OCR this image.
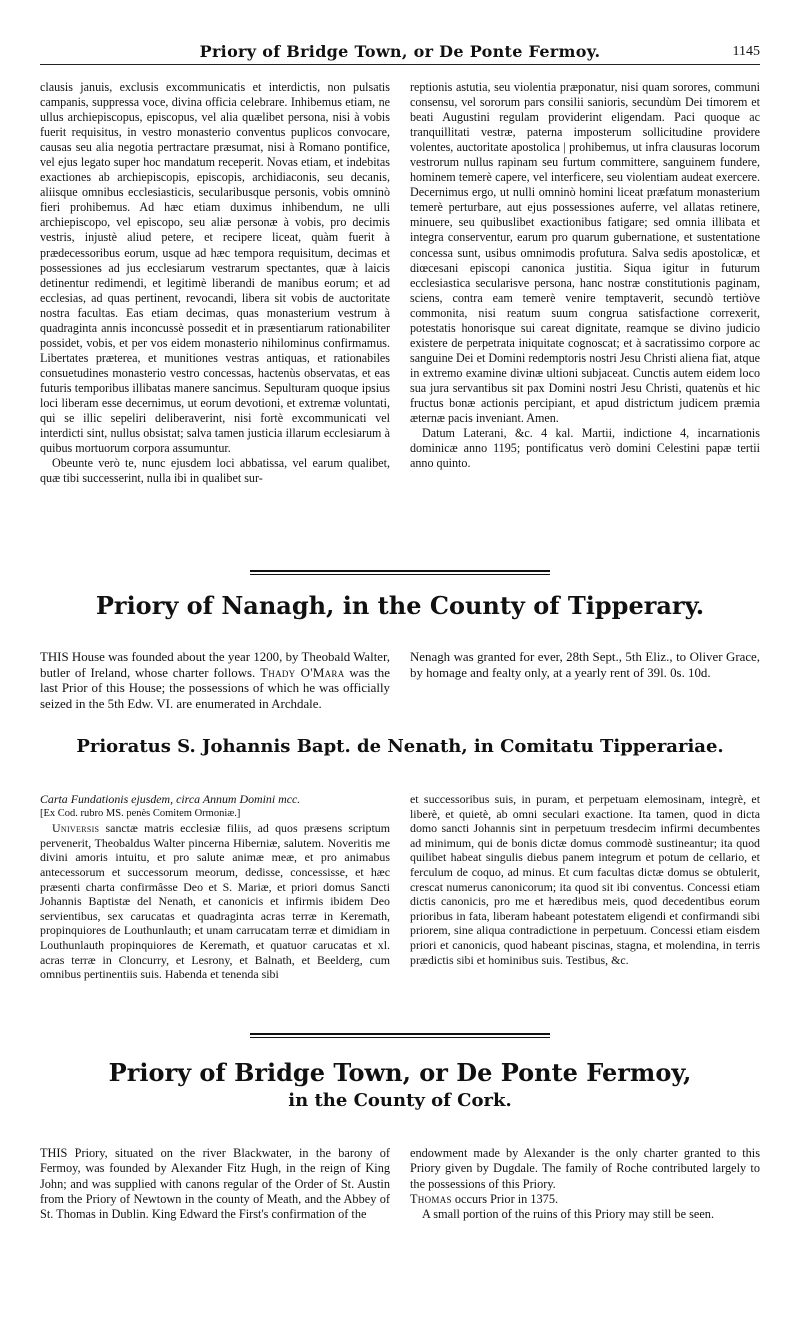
Priory of Bridge Town, or De Ponte Fermoy.	1145

clausis januis, exclusis excommunicatis et interdictis, non pulsatis campanis, suppressa voce, divina officia celebrare. Inhibemus etiam, ne ullus archiepiscopus, episcopus, vel alia quælibet persona, nisi à vobis fuerit requisitus, in vestro monasterio conventus puplicos convocare, causas seu alia negotia pertractare præsumat, nisi à Romano pontifice, vel ejus legato super hoc mandatum receperit. Novas etiam, et indebitas exactiones ab archiepiscopis, episcopis, archidiaconis, seu decanis, aliisque omnibus ecclesiasticis, secularibusque personis, vobis omninò fieri prohibemus. Ad hæc etiam duximus inhibendum, ne ulli archiepiscopo, vel episcopo, seu aliæ personæ à vobis, pro decimis vestris, injustè aliud petere, et recipere liceat, quàm fuerit à prædecessoribus eorum, usque ad hæc tempora requisitum, decimas et possessiones ad jus ecclesiarum vestrarum spectantes, quæ à laicis detinentur redimendi, et legitimè liberandi de manibus eorum; et ad ecclesias, ad quas pertinent, revocandi, libera sit vobis de auctoritate nostra facultas. Eas etiam decimas, quas monasterium vestrum à quadraginta annis inconcussè possedit et in præsentiarum rationabiliter possidet, vobis, et per vos eidem monasterio nihilominus confirmamus. Libertates præterea, et munitiones vestras antiquas, et rationabiles consuetudines monasterio vestro concessas, hactenùs observatas, et eas futuris temporibus illibatas manere sancimus. Sepulturam quoque ipsius loci liberam esse decernimus, ut eorum devotioni, et extremæ voluntati, qui se illic sepeliri deliberaverint, nisi fortè excommunicati vel interdicti sint, nullus obsistat; salva tamen justicia illarum ecclesiarum à quibus mortuorum corpora assumuntur.

Obeunte verò te, nunc ejusdem loci abbatissa, vel earum qualibet, quæ tibi successerint, nulla ibi in qualibet sur-

reptionis astutia, seu violentia præponatur, nisi quam sorores, communi consensu, vel sororum pars consilii sanioris, secundùm Dei timorem et beati Augustini regulam providerint eligendam. Paci quoque ac tranquillitati vestræ, paterna imposterum sollicitudine providere volentes, auctoritate apostolica | prohibemus, ut infra clausuras locorum vestrorum nullus rapinam seu furtum committere, sanguinem fundere, hominem temerè capere, vel interficere, seu violentiam audeat exercere. Decernimus ergo, ut nulli omninò homini liceat præfatum monasterium temerè perturbare, aut ejus possessiones auferre, vel allatas retinere, minuere, seu quibuslibet exactionibus fatigare; sed omnia illibata et integra conserventur, earum pro quarum gubernatione, et sustentatione concessa sunt, usibus omnimodis profutura. Salva sedis apostolicæ, et diœcesani episcopi canonica justitia. Siqua igitur in futurum ecclesiastica secularisve persona, hanc nostræ constitutionis paginam, sciens, contra eam temerè venire temptaverit, secundò tertiòve commonita, nisi reatum suum congrua satisfactione correxerit, potestatis honorisque sui careat dignitate, reamque se divino judicio existere de perpetrata iniquitate cognoscat; et à sacratissimo corpore ac sanguine Dei et Domini redemptoris nostri Jesu Christi aliena fiat, atque in extremo examine divinæ ultioni subjaceat. Cunctis autem eidem loco sua jura servantibus sit pax Domini nostri Jesu Christi, quatenùs et hic fructus bonæ actionis percipiant, et apud districtum judicem præmia æternæ pacis inveniant. Amen.

Datum Laterani, &c. 4 kal. Martii, indictione 4, incarnationis dominicæ anno 1195; pontificatus verò domini Celestini papæ tertii anno quinto.

Priory of Nanagh, in the County of Tipperary.

THIS House was founded about the year 1200, by Theobald Walter, butler of Ireland, whose charter follows. Thady O'Mara was the last Prior of this House; the possessions of which he was officially seized in the 5th Edw. VI. are enumerated in Archdale.

Nenagh was granted for ever, 28th Sept., 5th Eliz., to Oliver Grace, by homage and fealty only, at a yearly rent of 39l. 0s. 10d.

Prioratus S. Johannis Bapt. de Nenath, in Comitatu Tipperariae.

Carta Fundationis ejusdem, circa Annum Domini mcc.

[Ex Cod. rubro MS. penès Comitem Ormoniæ.]

Universis sanctæ matris ecclesiæ filiis, ad quos præsens scriptum pervenerit, Theobaldus Walter pincerna Hiberniæ, salutem. Noveritis me divini amoris intuitu, et pro salute animæ meæ, et pro animabus antecessorum et successorum meorum, dedisse, concessisse, et hæc præsenti charta confirmâsse Deo et S. Mariæ, et priori domus Sancti Johannis Baptistæ del Nenath, et canonicis et infirmis ibidem Deo servientibus, sex carucatas et quadraginta acras terræ in Keremath, propinquiores de Louthunlauth; et unam carrucatam terræ et dimidiam in Louthunlauth propinquiores de Keremath, et quatuor carucatas et xl. acras terræ in Cloncurry, et Lesrony, et Balnath, et Beelderg, cum omnibus pertinentiis suis. Habenda et tenenda sibi

et successoribus suis, in puram, et perpetuam elemosinam, integrè, et liberè, et quietè, ab omni seculari exactione. Ita tamen, quod in dicta domo sancti Johannis sint in perpetuum tresdecim infirmi decumbentes ad minimum, qui de bonis dictæ domus commodè sustineantur; ita quod quilibet habeat singulis diebus panem integrum et potum de cellario, et ferculum de coquo, ad minus. Et cum facultas dictæ domus se obtulerit, crescat numerus canonicorum; ita quod sit ibi conventus. Concessi etiam dictis canonicis, pro me et hæredibus meis, quod decedentibus eorum prioribus in fata, liberam habeant potestatem eligendi et confirmandi sibi priorem, sine aliqua contradictione in perpetuum. Concessi etiam eisdem priori et canonicis, quod habeant piscinas, stagna, et molendina, in terris prædictis sibi et hominibus suis. Testibus, &c.

Priory of Bridge Town, or De Ponte Fermoy,
in the County of Cork.

THIS Priory, situated on the river Blackwater, in the barony of Fermoy, was founded by Alexander Fitz Hugh, in the reign of King John; and was supplied with canons regular of the Order of St. Austin from the Priory of Newtown in the county of Meath, and the Abbey of St. Thomas in Dublin. King Edward the First's confirmation of the

endowment made by Alexander is the only charter granted to this Priory given by Dugdale. The family of Roche contributed largely to the possessions of this Priory.

Thomas occurs Prior in 1375.

A small portion of the ruins of this Priory may still be seen.
